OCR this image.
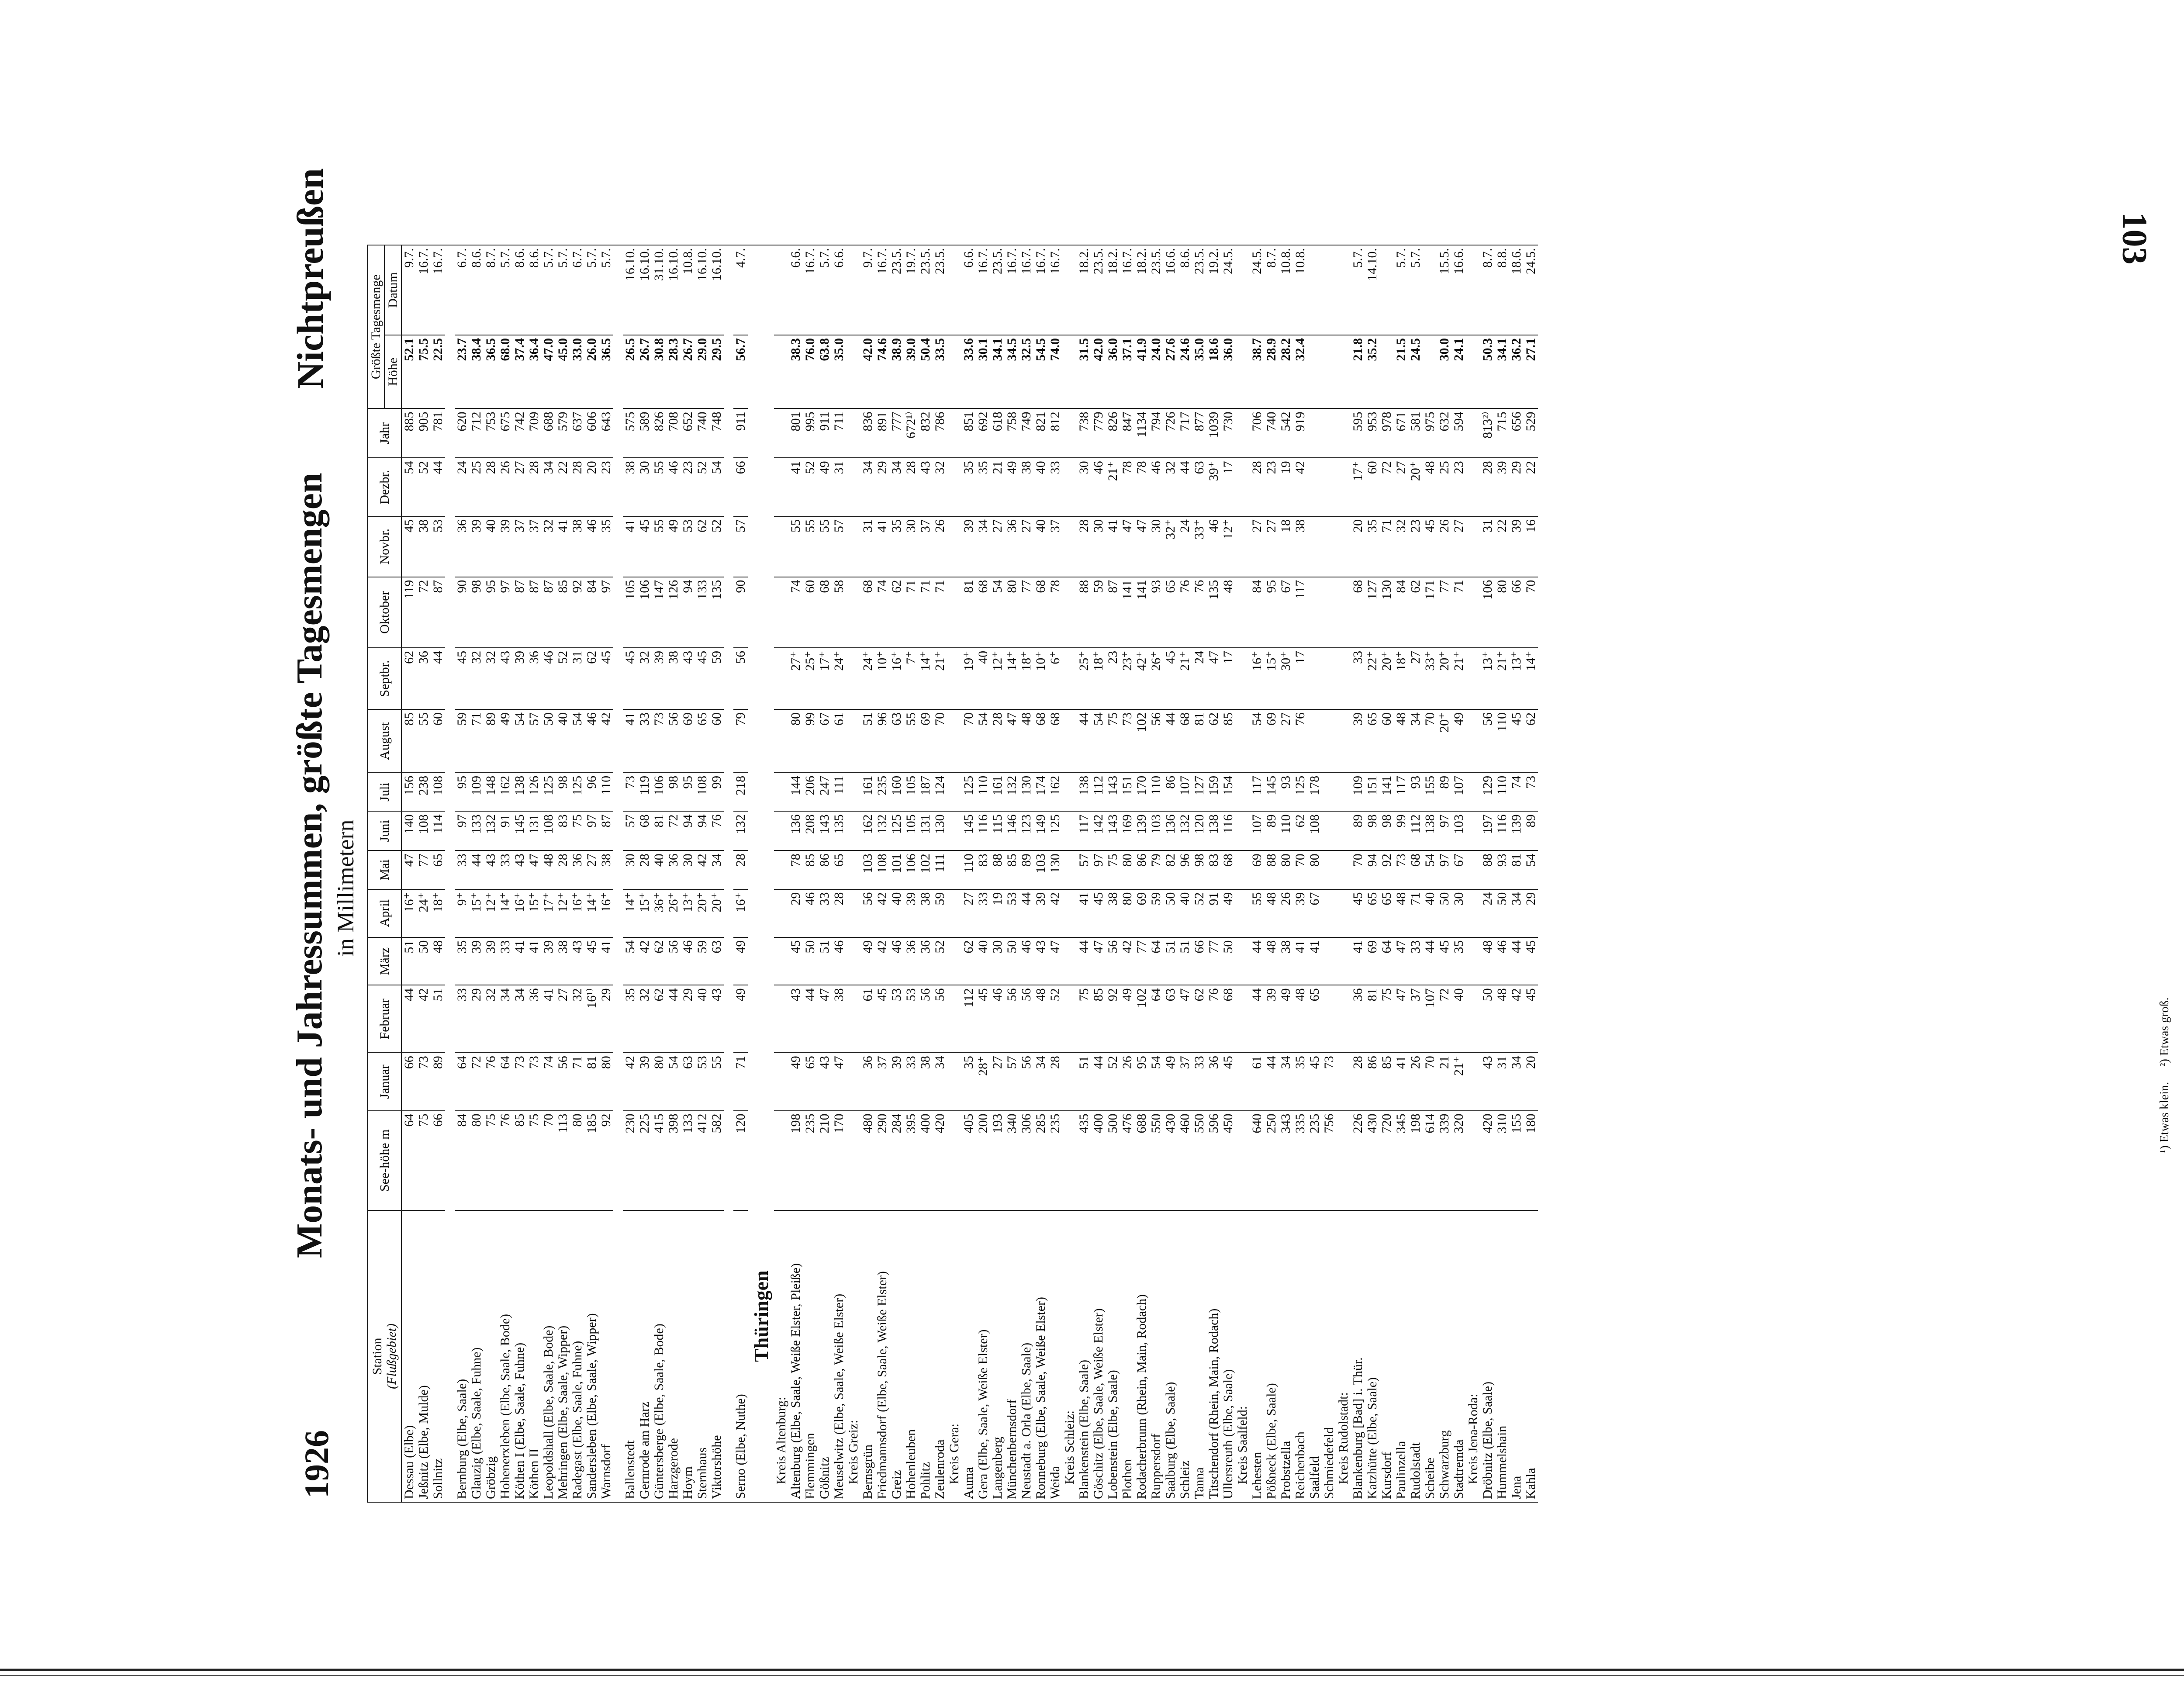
103
1926
Monats- und Jahressummen, größte Tagesmengen in Millimetern
Nichtpreußen
Station
(Flußgebiet)	See-höhe m	Januar	Februar	März	April	Mai	Juni	Juli	August	Septbr.	Oktober	Novbr.	Dezbr.	Jahr	Größte Tagesmenge	
															Höhe	Datum
Dessau (Elbe)	64	66	44	51	16⁺	47	140	156	85	62	119	45	54	885	52.1	9.7.
Jeßnitz (Elbe, Mulde)	75	73	42	50	24⁺	77	108	238	55	36	72	38	52	905	75.5	16.7.
Sollnitz	66	89	51	48	18⁺	65	114	108	60	44	87	53	44	781	22.5	16.7.

Bernburg (Elbe, Saale)	84	64	33	35	9⁺	33	97	95	59	45	90	36	24	620	23.7	6.7.
Glauzig (Elbe, Saale, Fuhne)	80	72	29	39	15⁺	44	133	109	71	32	98	39	25	712	38.4	8.6.
Gröbzig	75	76	32	39	12⁺	43	132	148	89	32	95	40	28	753	36.5	8.7.
Hohenerxleben (Elbe, Saale, Bode)	76	64	34	33	14⁺	33	91	162	49	43	97	39	26	675	68.0	5.7.
Köthen I (Elbe, Saale, Fuhne)	85	73	34	41	16⁺	43	145	138	54	39	87	37	27	742	37.4	8.6.
Köthen II	75	73	36	41	15⁺	47	131	126	57	36	87	37	28	709	36.4	8.6.
Leopoldshall (Elbe, Saale, Bode)	70	74	41	39	17⁺	48	108	125	50	46	87	32	34	688	47.0	5.7.
Mehringen (Elbe, Saale, Wipper)	113	56	27	38	12⁺	28	83	98	40	52	85	41	22	579	45.0	5.7.
Radegast (Elbe, Saale, Fuhne)	80	71	32	43	16⁺	36	75	125	54	31	92	38	28	637	33.0	6.7.
Sandersleben (Elbe, Saale, Wipper)	185	81	16¹⁾	45	14⁺	27	97	96	46	62	84	46	20	606	26.0	5.7.
Warnsdorf	92	80	29	41	16⁺	38	87	110	42	45	97	35	23	643	36.5	5.7.

Ballenstedt	230	42	35	54	14⁺	30	57	73	41	45	105	41	38	575	26.5	16.10.
Gernrode am Harz	225	39	32	42	15⁺	28	68	119	33	32	106	45	30	589	26.7	16.10.
Güntersberge (Elbe, Saale, Bode)	415	80	62	62	36⁺	40	81	106	73	39	147	55	55	826	30.8	31.10.
Harzgerode	398	54	44	56	26⁺	36	72	98	56	38	126	49	46	708	28.3	16.10.
Hoym	133	63	29	46	13⁺	30	94	95	69	43	94	53	23	652	26.7	10.8.
Sternhaus	412	53	40	59	20⁺	42	94	108	65	45	133	62	52	740	29.0	16.10.
Viktorshöhe	582	55	43	63	20⁺	34	76	99	60	59	135	52	54	748	29.5	16.10.

Serno (Elbe, Nuthe)	120	71	49	49	16⁺	28	132	218	79	56	90	57	66	911	56.7	4.7.
Thüringen																
Kreis Altenburg:																
Altenburg (Elbe, Saale, Weiße Elster, Pleiße)	198	49	43	45	29	78	136	144	80	27⁺	74	55	41	801	38.3	6.6.
Flemmingen	235	65	44	50	46	85	208	206	99	25⁺	60	55	52	995	76.0	16.7.
Gößnitz	210	43	47	51	33	86	143	247	67	17⁺	68	55	49	911	63.8	5.7.
Meuselwitz (Elbe, Saale, Weiße Elster)	170	47	38	46	28	65	135	111	61	24⁺	58	57	31	711	35.0	6.6.
Kreis Greiz:																
Bernsgrün	480	36	61	49	56	103	162	161	51	24⁺	68	31	34	836	42.0	9.7.
Friedmannsdorf (Elbe, Saale, Weiße Elster)	290	37	45	42	42	108	132	235	96	10⁺	74	41	29	891	74.6	16.7.
Greiz	284	39	53	46	40	101	125	160	63	16⁺	62	35	34	777	38.9	23.5.
Hohenleuben	395	33	53	36	39	106	105	105	55	7⁺	71	30	28	672¹⁾	39.0	19.7.
Pohlitz	400	38	56	36	38	102	131	187	69	14⁺	71	37	43	832	50.4	23.5.
Zeulenroda	420	34	56	52	59	111	130	124	70	21⁺	71	26	32	786	33.5	23.5.
Kreis Gera:																
Auma	405	35	112	62	27	110	145	125	70	19⁺	81	39	35	851	33.6	6.6.
Gera (Elbe, Saale, Weiße Elster)	200	28⁺	45	40	33	83	116	110	54	40	68	34	35	692	30.1	16.7.
Langenberg	193	27	46	30	19	88	115	161	28	12⁺	54	27	21	618	34.1	23.5.
Münchenbernsdorf	340	57	56	50	53	85	146	132	47	14⁺	80	36	49	758	34.5	16.7.
Neustadt a. Orla (Elbe, Saale)	306	56	56	46	44	89	123	130	48	18⁺	77	27	38	749	32.5	16.7.
Ronneburg (Elbe, Saale, Weiße Elster)	285	34	48	43	39	103	149	174	68	10⁺	68	40	40	821	54.5	16.7.
Weida	235	28	52	47	42	130	125	162	68	6⁺	78	37	33	812	74.0	16.7.
Kreis Schleiz:																
Blankenstein (Elbe, Saale)	435	51	75	44	41	57	117	138	44	25⁺	88	28	30	738	31.5	18.2.
Göschitz (Elbe, Saale, Weiße Elster)	400	44	85	47	45	97	142	112	54	18⁺	59	30	46	779	42.0	23.5.
Lobenstein (Elbe, Saale)	500	52	92	56	38	75	143	143	75	23	87	41	21⁺	826	36.0	18.2.
Plothen	476	26	49	42	80	80	169	151	73	23⁺	141	47	78	847	37.1	16.7.
Rodacherbrunn (Rhein, Main, Rodach)	688	95	102	77	69	86	139	170	102	42⁺	141	47	78	1134	41.9	18.2.
Ruppersdorf	550	54	64	64	59	79	103	110	56	26⁺	93	30	46	794	24.0	23.5.
Saalburg (Elbe, Saale)	430	49	63	51	50	82	136	86	44	45	65	32⁺	32	726	27.6	16.6.
Schleiz	460	37	47	51	40	96	132	107	68	21⁺	76	24	44	717	24.6	8.6.
Tanna	550	33	62	66	52	98	120	127	81	24	76	33⁺	63	877	35.0	23.5.
Titschendorf (Rhein, Main, Rodach)	596	36	76	77	91	83	138	159	62	47	135	46	39⁺	1039	18.6	19.2.
Ullersreuth (Elbe, Saale)	450	45	68	50	49	68	116	154	85	17	48	12⁺	17	730	36.0	24.5.
Kreis Saalfeld:																
Lehesten	640	61	44	44	55	69	107	117	54	16⁺	84	27	28	706	38.7	24.5.
Pößneck (Elbe, Saale)	250	44	39	48	48	88	89	145	69	15⁺	95	27	23	740	28.9	8.7.
Probstzella	343	34	49	38	26	80	110	93	27	30⁺	67	18	19	542	28.2	10.8.
Reichenbach	335	35	48	41	39	70	62	125	76	17	117	38	42	919	32.4	10.8.
Saalfeld	235	45	65	41	67	80	108	178								
Schmiedefeld	756	73														
Kreis Rudolstadt:																
Blankenburg [Bad] i. Thür.	226	28	36	41	45	70	89	109	39	33	68	20	17⁺	595	21.8	5.7.
Katzhütte (Elbe, Saale)	430	86	81	69	65	94	98	151	65	22⁺	127	35	60	953	35.2	14.10.
Kursdorf	720	85	75	64	65	92	98	141	60	20⁺	130	71	72	978		
Paulinzella	345	41	47	47	48	73	99	117	48	18⁺	84	32	27	671	21.5	5.7.
Rudolstadt	198	26	37	33	71	68	112	93	34	27	62	23	20⁺	581	24.5	5.7.
Scheibe	614	70	107	44	40	54	138	155	70	33⁺	171	45	48	975		
Schwarzburg	339	21	72	45	50	97	97	89	20⁺	20⁺	77	26	25	632	30.0	15.5.
Stadtremda	320	21⁺	40	35	30	67	103	107	49	21⁺	71	27	23	594	24.1	16.6.
Kreis Jena-Roda:																
Dröbnitz (Elbe, Saale)	420	43	50	48	24	88	197	129	56	13⁺	106	31	28	813²⁾	50.3	8.7.
Hummelshain	310	31	48	46	50	93	116	110	110	21⁺	80	22	39	715	34.1	8.8.
Jena	155	34	42	44	34	81	139	74	45	13⁺	66	39	29	656	36.2	18.6.
Kahla	180	20	45	45	29	54	89	73	62	14⁺	70	16	22	529	27.1	24.5.
¹) Etwas klein.     ²) Etwas groß.
